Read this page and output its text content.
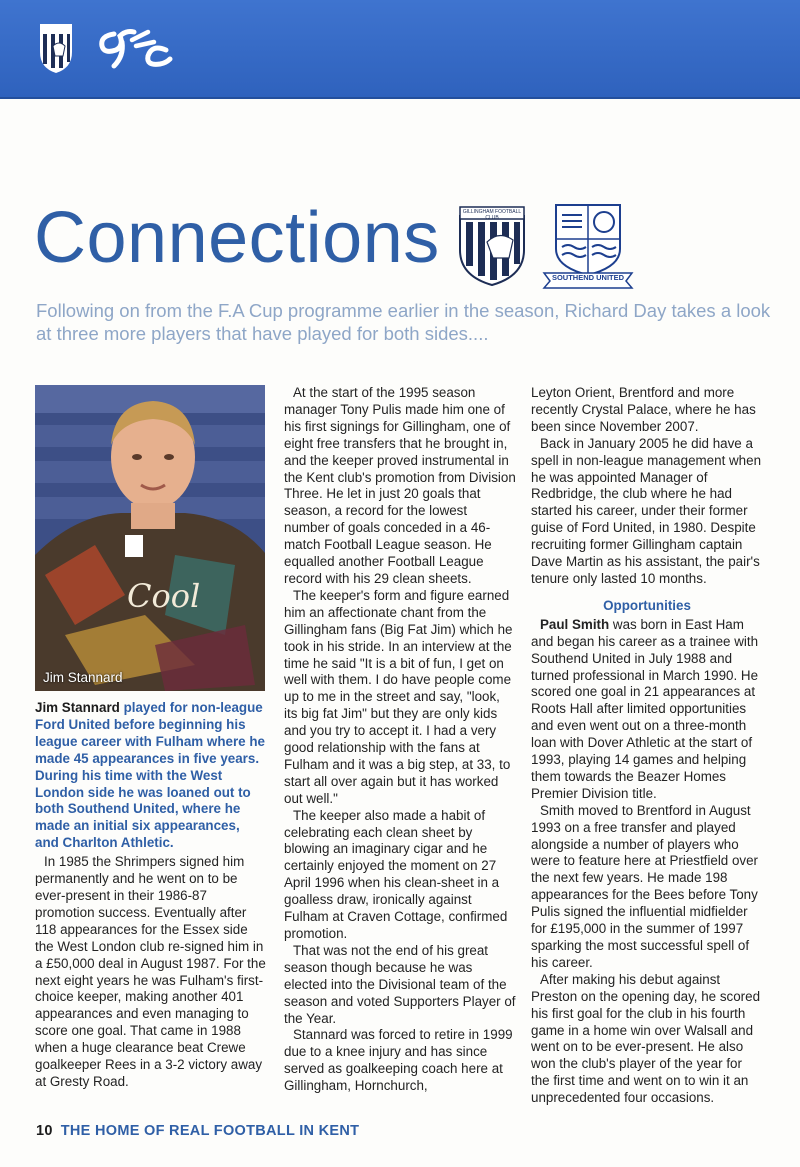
Connections	GILLINGHAM FOOTBALL CLUB
SOUTHEND UNITED

Following on from the F.A Cup programme earlier in the season, Richard Day takes a look at three more players that have played for both sides....

Cool
Jim Stannard

Jim Stannard played for non-league Ford United before beginning his league career with Fulham where he made 45 appearances in five years. During his time with the West London side he was loaned out to both Southend United, where he made an initial six appearances, and Charlton Athletic.

In 1985 the Shrimpers signed him permanently and he went on to be ever-present in their 1986-87 promotion success. Eventually after 118 appearances for the Essex side the West London club re-signed him in a £50,000 deal in August 1987. For the next eight years he was Fulham's first-choice keeper, making another 401 appearances and even managing to score one goal. That came in 1988 when a huge clearance beat Crewe goalkeeper Rees in a 3-2 victory away at Gresty Road.

At the start of the 1995 season manager Tony Pulis made him one of his first signings for Gillingham, one of eight free transfers that he brought in, and the keeper proved instrumental in the Kent club's promotion from Division Three. He let in just 20 goals that season, a record for the lowest number of goals conceded in a 46-match Football League season. He equalled another Football League record with his 29 clean sheets.

The keeper's form and figure earned him an affectionate chant from the Gillingham fans (Big Fat Jim) which he took in his stride. In an interview at the time he said "It is a bit of fun, I get on well with them. I do have people come up to me in the street and say, "look, its big fat Jim" but they are only kids and you try to accept it. I had a very good relationship with the fans at Fulham and it was a big step, at 33, to start all over again but it has worked out well."

The keeper also made a habit of celebrating each clean sheet by blowing an imaginary cigar and he certainly enjoyed the moment on 27 April 1996 when his clean-sheet in a goalless draw, ironically against Fulham at Craven Cottage, confirmed promotion.

That was not the end of his great season though because he was elected into the Divisional team of the season and voted Supporters Player of the Year.

Stannard was forced to retire in 1999 due to a knee injury and has since served as goalkeeping coach here at Gillingham, Hornchurch,

Leyton Orient, Brentford and more recently Crystal Palace, where he has been since November 2007.

Back in January 2005 he did have a spell in non-league management when he was appointed Manager of Redbridge, the club where he had started his career, under their former guise of Ford United, in 1980. Despite recruiting former Gillingham captain Dave Martin as his assistant, the pair's tenure only lasted 10 months.

Opportunities

Paul Smith was born in East Ham and began his career as a trainee with Southend United in July 1988 and turned professional in March 1990. He scored one goal in 21 appearances at Roots Hall after limited opportunities and even went out on a three-month loan with Dover Athletic at the start of 1993, playing 14 games and helping them towards the Beazer Homes Premier Division title.

Smith moved to Brentford in August 1993 on a free transfer and played alongside a number of players who were to feature here at Priestfield over the next few years. He made 198 appearances for the Bees before Tony Pulis signed the influential midfielder for £195,000 in the summer of 1997 sparking the most successful spell of his career.

After making his debut against Preston on the opening day, he scored his first goal for the club in his fourth game in a home win over Walsall and went on to be ever-present. He also won the club's player of the year for the first time and went on to win it an unprecedented four occasions.

10 THE HOME OF REAL FOOTBALL IN KENT
